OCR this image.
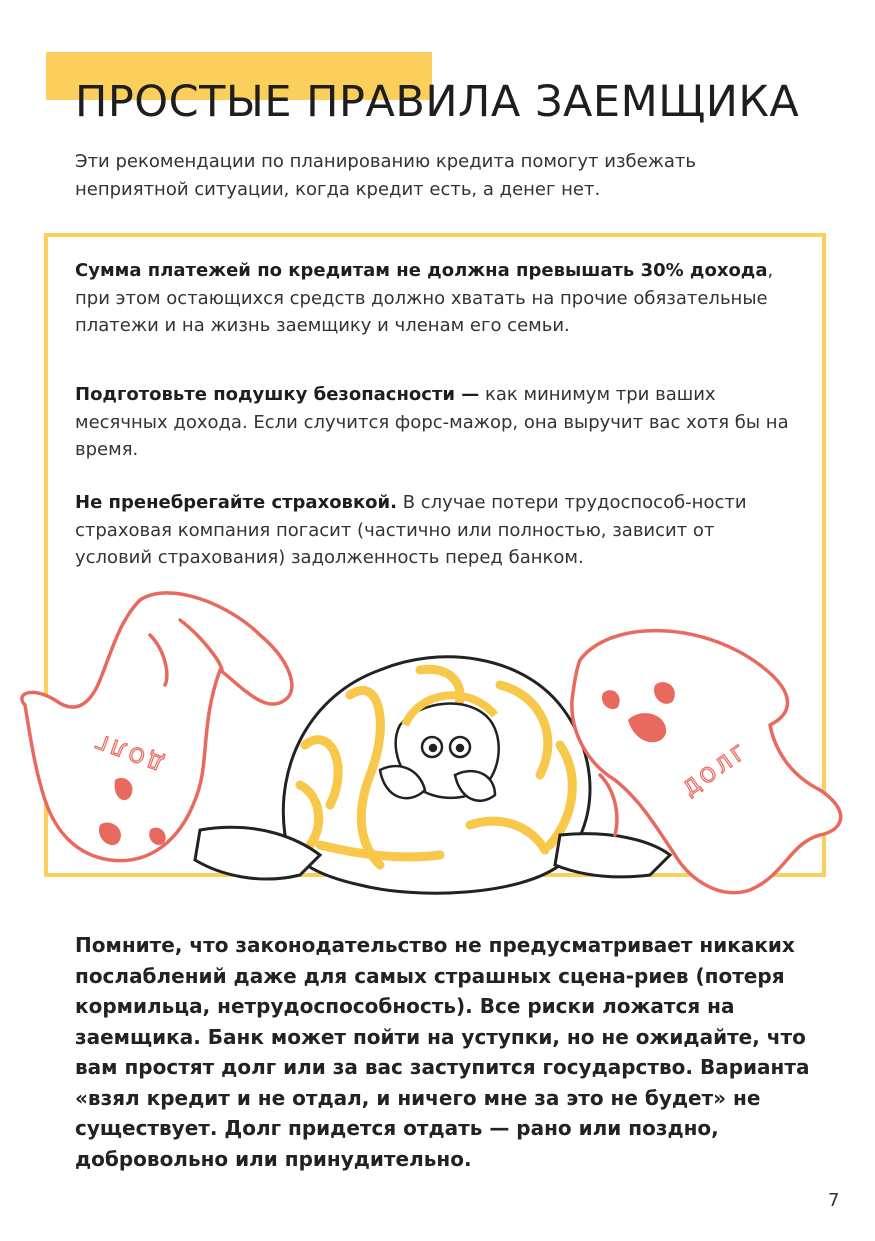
ПРОСТЫЕ ПРАВИЛА ЗАЕМЩИКА

Эти рекомендации по планированию кредита помогут избежать

неприятной ситуации, когда кредит есть, а денег нет.

Сумма платежей по кредитам не должна превышать 30% дохода, при этом остающихся средств должно хватать на прочие обязательные платежи и на жизнь заемщику и членам его семьи.

Подготовьте подушку безопасности — как минимум три ваших месячных дохода. Если случится форс-мажор, она выручит вас хотя бы на время.

Не пренебрегайте страховкой. В случае потери трудоспособ-ности страховая компания погасит (частично или полностью, зависит от условий страхования) задолженность перед банком.

ДОЛГ	ДОЛГ

Помните, что законодательство не предусматривает никаких послаблений даже для самых страшных сцена-риев (потеря кормильца, нетрудоспособность). Все риски ложатся на заемщика. Банк может пойти на уступки, но не ожидайте, что вам простят долг или за вас заступится государство. Варианта «взял кредит и не отдал, и ничего мне за это не будет» не существует. Долг придется отдать — рано или поздно, добровольно или принудительно.

7
